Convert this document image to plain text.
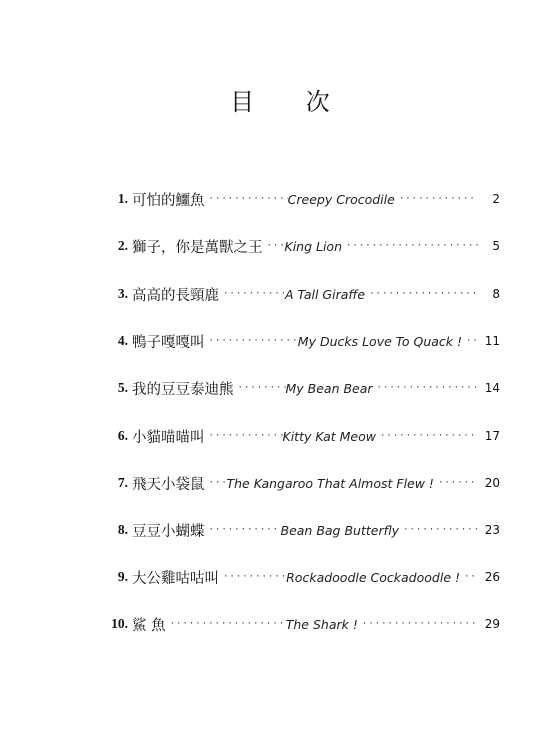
目 次
1. 可怕的鱷魚 ·····	Creepy Crocodile ·····	2
2. 獅子，你是萬獸之王 ····· King Lion ·····	5
3. 高高的長頸鹿 ·····	A Tall Giraffe ·····	8
4. 鴨子嘎嘎叫 ·····	My Ducks Love To Quack ! ·····	11
5. 我的豆豆泰迪熊 ·····	My Bean Bear ·····	14
6. 小貓喵喵叫 ·····	Kitty Kat Meow ·····	17
7. 飛天小袋鼠 ····· The Kangaroo That Almost Flew ! ·····	20
8. 豆豆小蝴蝶 ·····	Bean Bag Butterfly ·····	23
9. 大公雞咕咕叫 ·····	Rockadoodle Cockadoodle ! ·····	26
10. 鯊 魚 ·····	The Shark ! ·····	29
